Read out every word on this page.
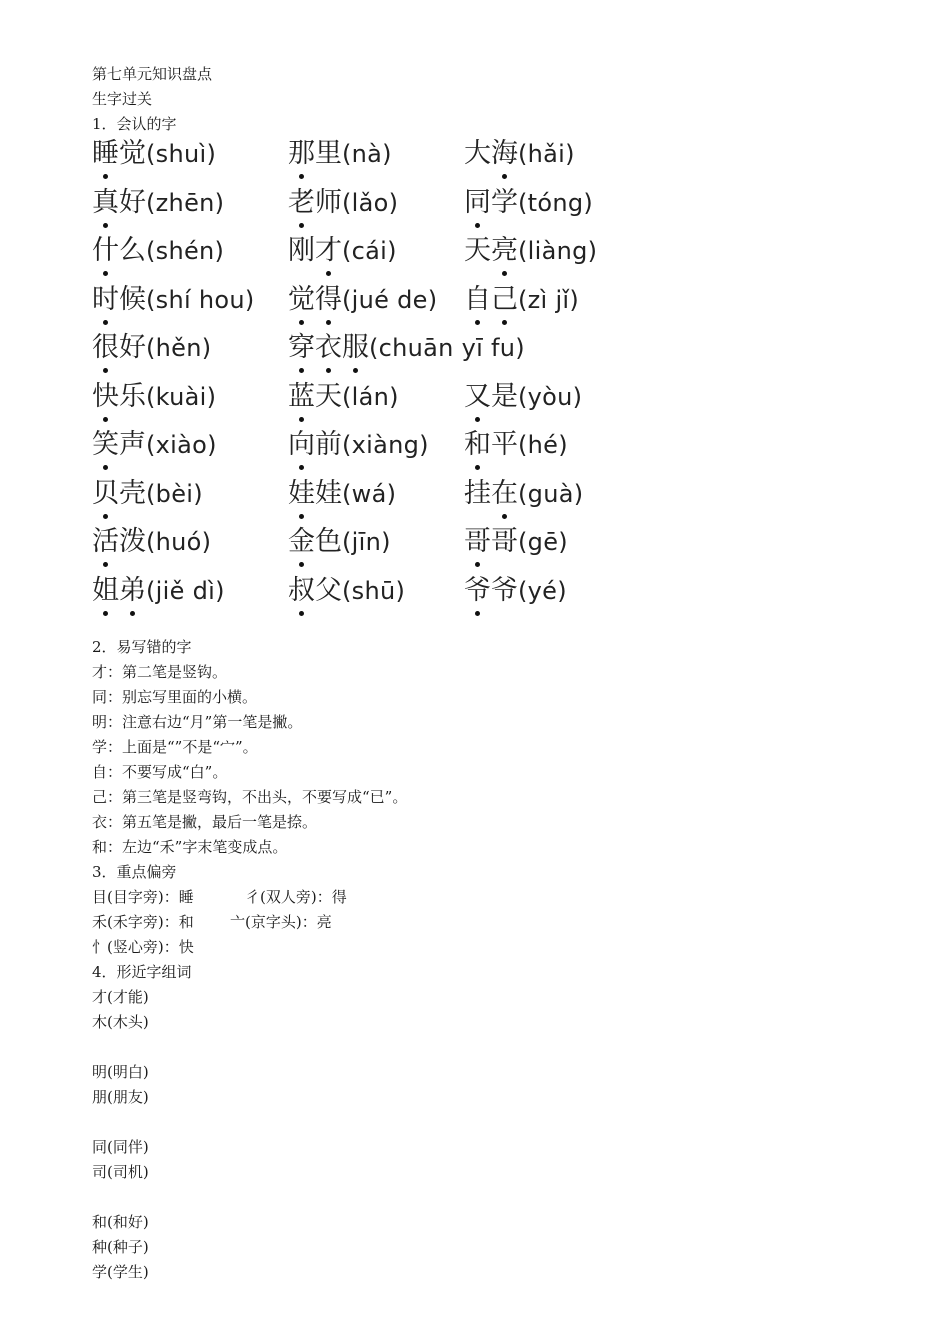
第七单元知识盘点
生字过关
1．会认的字
睡觉(shuì)	那里(nà)	大海(hǎi)
真好(zhēn) 老师(lǎo) 同学(tóng)
什么(shén) 刚才(cái) 天亮(liàng)
时候(shí hou) 觉得(jué de) 自己(zì jǐ)
很好(hěn)	穿衣服(chuān yī fu)
快乐(kuài)	蓝天(lán) 又是(yòu)
笑声(xiào)	向前(xiàng) 和平(hé)
贝壳(bèi)	娃娃(wá)	挂在(guà)
活泼(huó)	金色(jīn)	哥哥(gē)
姐弟(jiě dì) 叔父(shū) 爷爷(yé)
2．易写错的字
才：第二笔是竖钩。
同：别忘写里面的小横。
明：注意右边“月”第一笔是撇。
学：上面是“”不是“宀”。
自：不要写成“白”。
己：第三笔是竖弯钩，不出头，不要写成“已”。
衣：第五笔是撇，最后一笔是捺。
和：左边“禾”字末笔变成点。
3．重点偏旁
目(目字旁)：睡	彳(双人旁)：得
禾(禾字旁)：和 亠(京字头)：亮
忄(竖心旁)：快
4．形近字组词
才(才能)
木(木头)
明(明白)
朋(朋友)
同(同伴)
司(司机)
和(和好)
种(种子)
学(学生)
